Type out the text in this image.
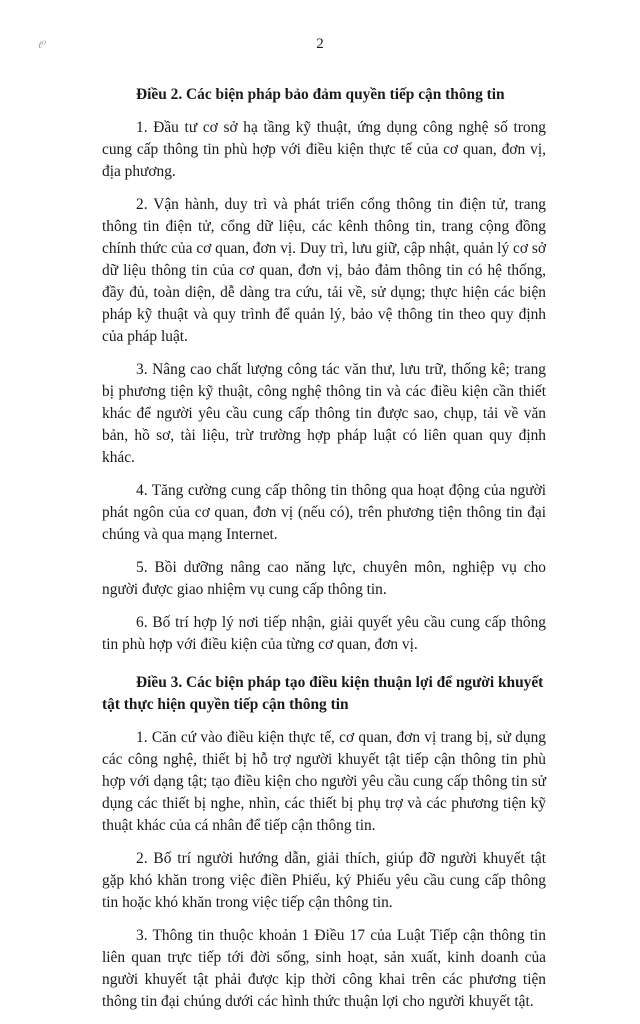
ℓ⁰	2

Điều 2. Các biện pháp bảo đảm quyền tiếp cận thông tin

1. Đầu tư cơ sở hạ tầng kỹ thuật, ứng dụng công nghệ số trong cung cấp thông tin phù hợp với điều kiện thực tế của cơ quan, đơn vị, địa phương.

2. Vận hành, duy trì và phát triển cổng thông tin điện tử, trang thông tin điện tử, cổng dữ liệu, các kênh thông tin, trang cộng đồng chính thức của cơ quan, đơn vị. Duy trì, lưu giữ, cập nhật, quản lý cơ sở dữ liệu thông tin của cơ quan, đơn vị, bảo đảm thông tin có hệ thống, đầy đủ, toàn diện, dễ dàng tra cứu, tải về, sử dụng; thực hiện các biện pháp kỹ thuật và quy trình để quản lý, bảo vệ thông tin theo quy định của pháp luật.

3. Nâng cao chất lượng công tác văn thư, lưu trữ, thống kê; trang bị phương tiện kỹ thuật, công nghệ thông tin và các điều kiện cần thiết khác để người yêu cầu cung cấp thông tin được sao, chụp, tải về văn bản, hồ sơ, tài liệu, trừ trường hợp pháp luật có liên quan quy định khác.

4. Tăng cường cung cấp thông tin thông qua hoạt động của người phát ngôn của cơ quan, đơn vị (nếu có), trên phương tiện thông tin đại chúng và qua mạng Internet.

5. Bồi dưỡng nâng cao năng lực, chuyên môn, nghiệp vụ cho người được giao nhiệm vụ cung cấp thông tin.

6. Bố trí hợp lý nơi tiếp nhận, giải quyết yêu cầu cung cấp thông tin phù hợp với điều kiện của từng cơ quan, đơn vị.

Điều 3. Các biện pháp tạo điều kiện thuận lợi để người khuyết tật thực hiện quyền tiếp cận thông tin

1. Căn cứ vào điều kiện thực tế, cơ quan, đơn vị trang bị, sử dụng các công nghệ, thiết bị hỗ trợ người khuyết tật tiếp cận thông tin phù hợp với dạng tật; tạo điều kiện cho người yêu cầu cung cấp thông tin sử dụng các thiết bị nghe, nhìn, các thiết bị phụ trợ và các phương tiện kỹ thuật khác của cá nhân để tiếp cận thông tin.

2. Bố trí người hướng dẫn, giải thích, giúp đỡ người khuyết tật gặp khó khăn trong việc điền Phiếu, ký Phiếu yêu cầu cung cấp thông tin hoặc khó khăn trong việc tiếp cận thông tin.

3. Thông tin thuộc khoản 1 Điều 17 của Luật Tiếp cận thông tin liên quan trực tiếp tới đời sống, sinh hoạt, sản xuất, kinh doanh của người khuyết tật phải được kịp thời công khai trên các phương tiện thông tin đại chúng dưới các hình thức thuận lợi cho người khuyết tật.
